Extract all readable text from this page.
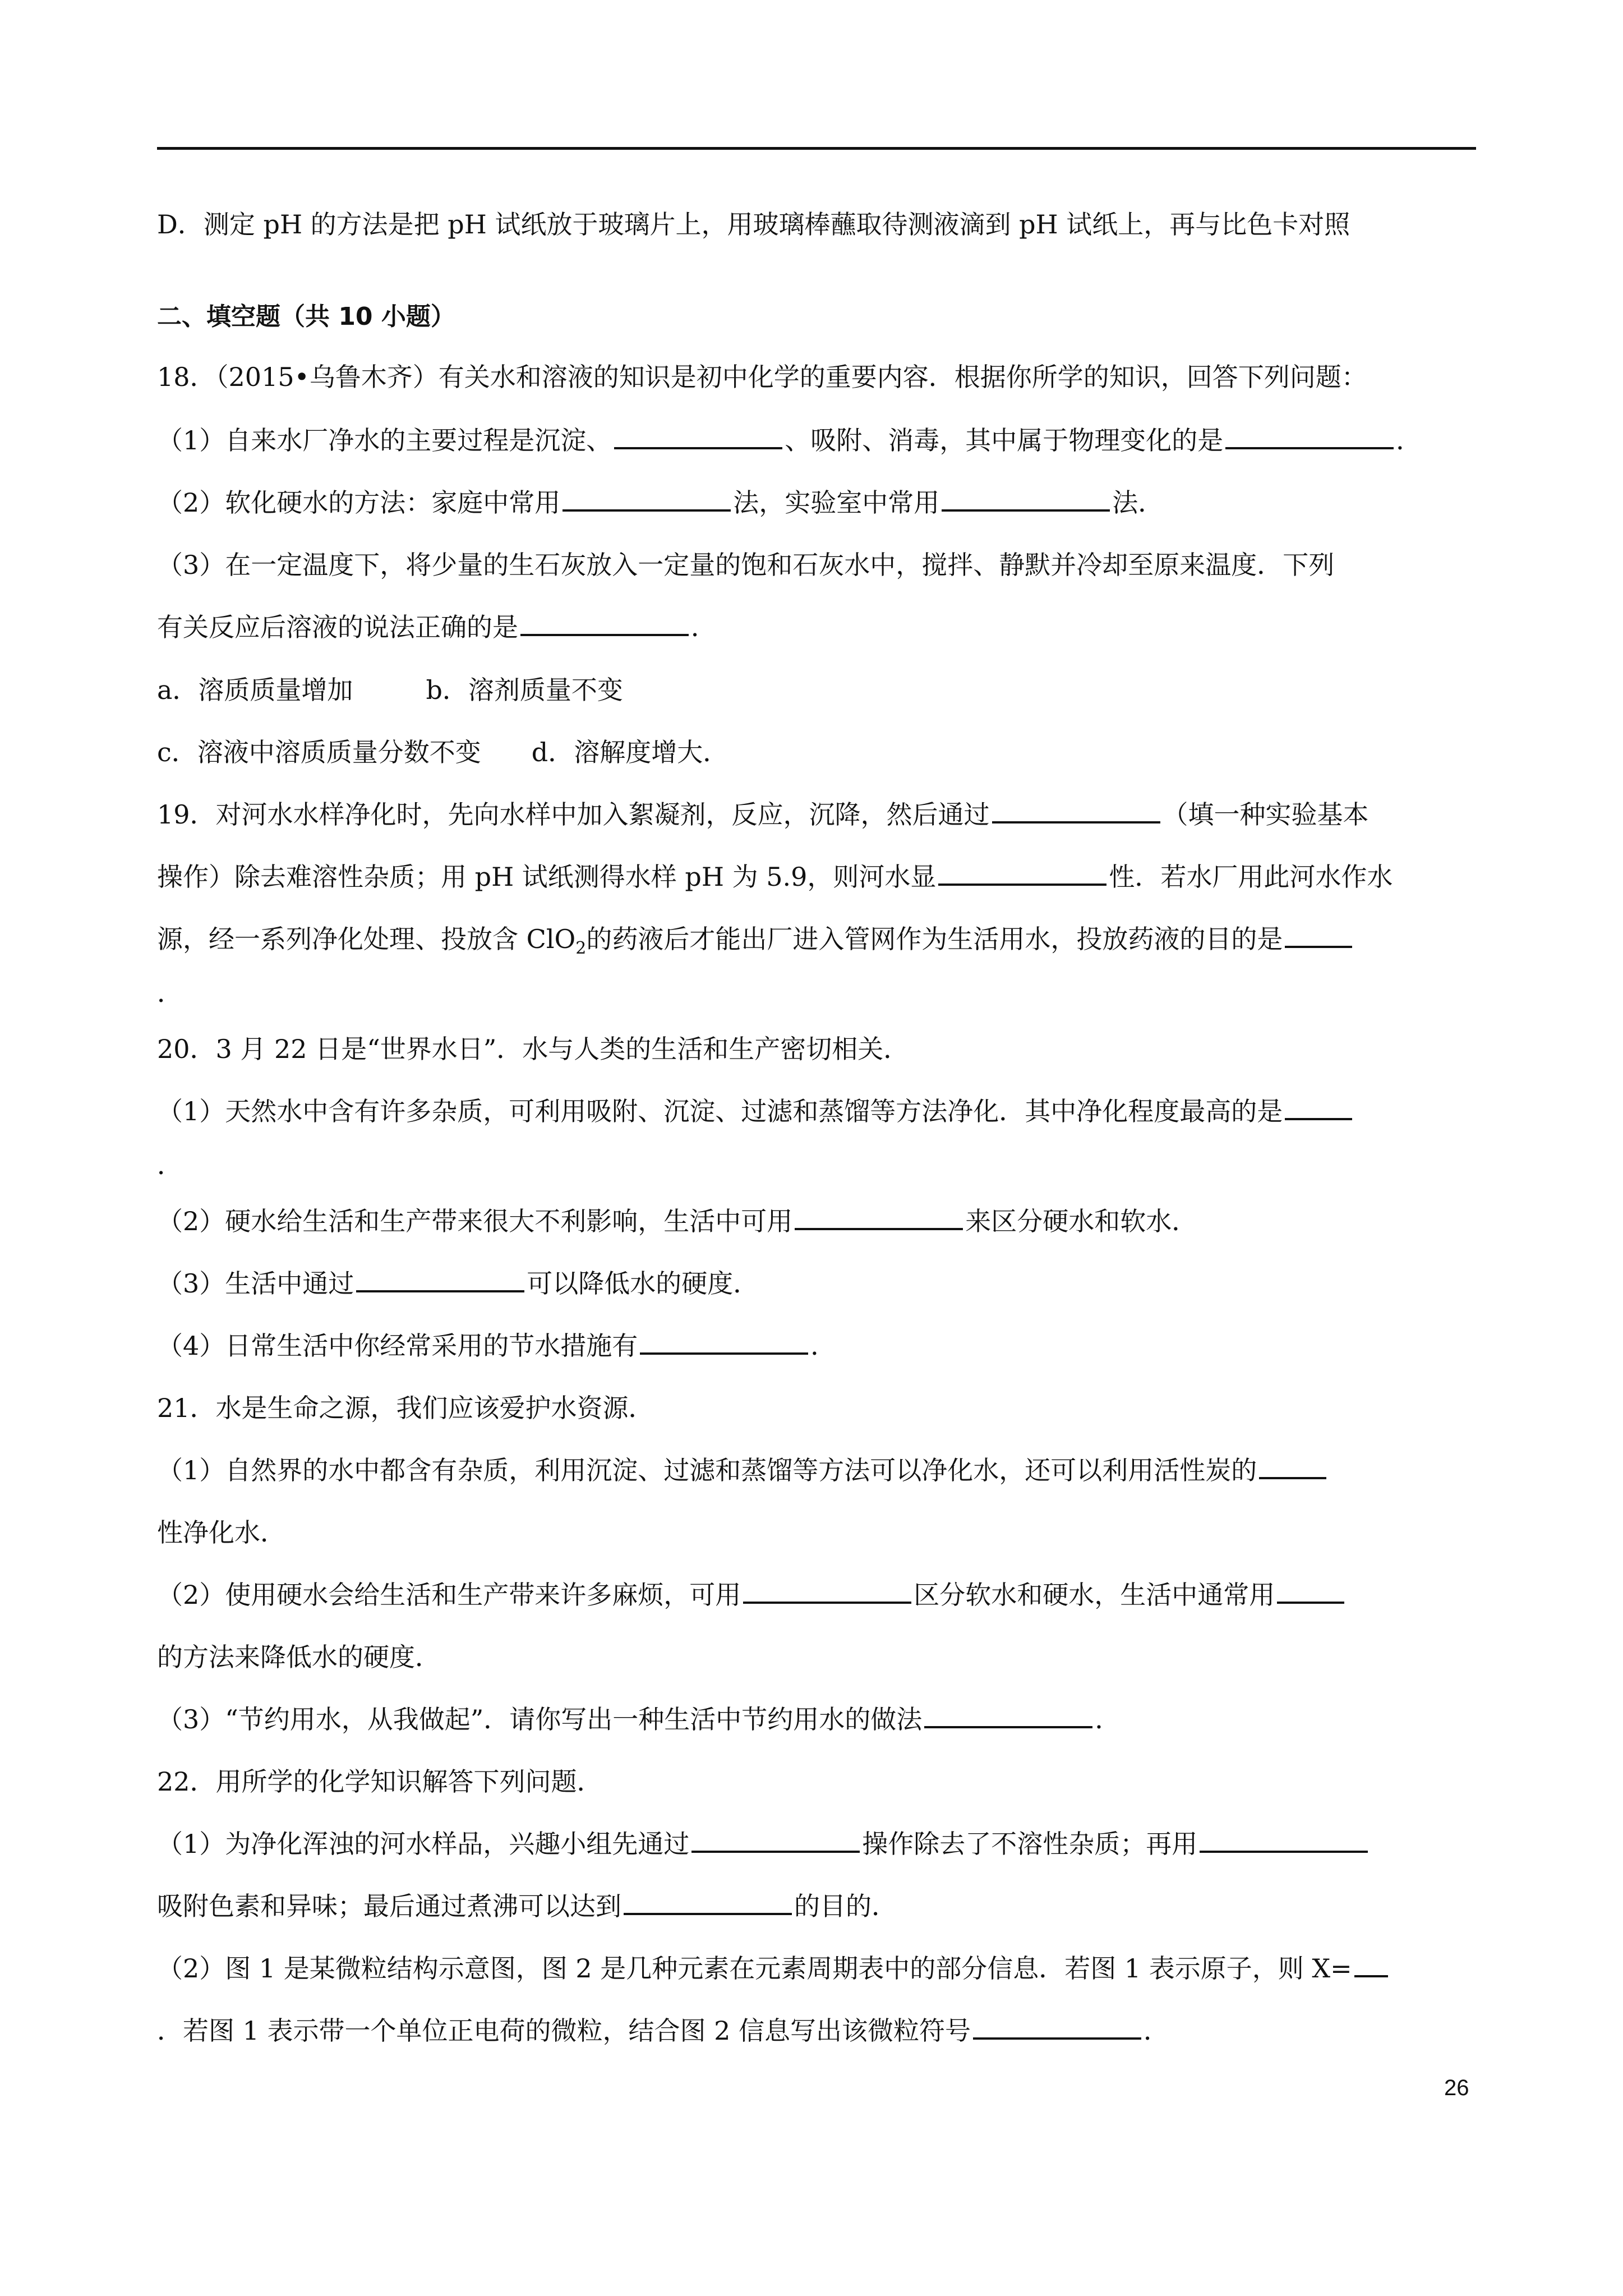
D．测定 pH 的方法是把 pH 试纸放于玻璃片上，用玻璃棒蘸取待测液滴到 pH 试纸上，再与比色卡对照
二、填空题（共 10 小题）
18．（2015•乌鲁木齐）有关水和溶液的知识是初中化学的重要内容．根据你所学的知识，回答下列问题：
（1）自来水厂净水的主要过程是沉淀、	、吸附、消毒，其中属于物理变化的是	．
（2）软化硬水的方法：家庭中常用	法，实验室中常用	法．
（3）在一定温度下，将少量的生石灰放入一定量的饱和石灰水中，搅拌、静默并冷却至原来温度．下列
有关反应后溶液的说法正确的是	．
a．溶质质量增加	b．溶剂质量不变
c．溶液中溶质质量分数不变 d．溶解度增大．
19．对河水水样净化时，先向水样中加入絮凝剂，反应，沉降，然后通过	（填一种实验基本
操作）除去难溶性杂质；用 pH 试纸测得水样 pH 为 5.9，则河水显	性．若水厂用此河水作水
源，经一系列净化处理、投放含 ClO$_2$的药液后才能出厂进入管网作为生活用水，投放药液的目的是
．
20．3 月 22 日是“世界水日”．水与人类的生活和生产密切相关．
（1）天然水中含有许多杂质，可利用吸附、沉淀、过滤和蒸馏等方法净化．其中净化程度最高的是
．
（2）硬水给生活和生产带来很大不利影响，生活中可用	来区分硬水和软水．
（3）生活中通过	可以降低水的硬度．
（4）日常生活中你经常采用的节水措施有	．
21．水是生命之源，我们应该爱护水资源．
（1）自然界的水中都含有杂质，利用沉淀、过滤和蒸馏等方法可以净化水，还可以利用活性炭的
性净化水．
（2）使用硬水会给生活和生产带来许多麻烦，可用	区分软水和硬水，生活中通常用
的方法来降低水的硬度．
（3）“节约用水，从我做起”．请你写出一种生活中节约用水的做法	．
22．用所学的化学知识解答下列问题．
（1）为净化浑浊的河水样品，兴趣小组先通过	操作除去了不溶性杂质；再用
吸附色素和异味；最后通过煮沸可以达到	的目的．
（2）图 1 是某微粒结构示意图，图 2 是几种元素在元素周期表中的部分信息．若图 1 表示原子，则 X=
．若图 1 表示带一个单位正电荷的微粒，结合图 2 信息写出该微粒符号	．
26
